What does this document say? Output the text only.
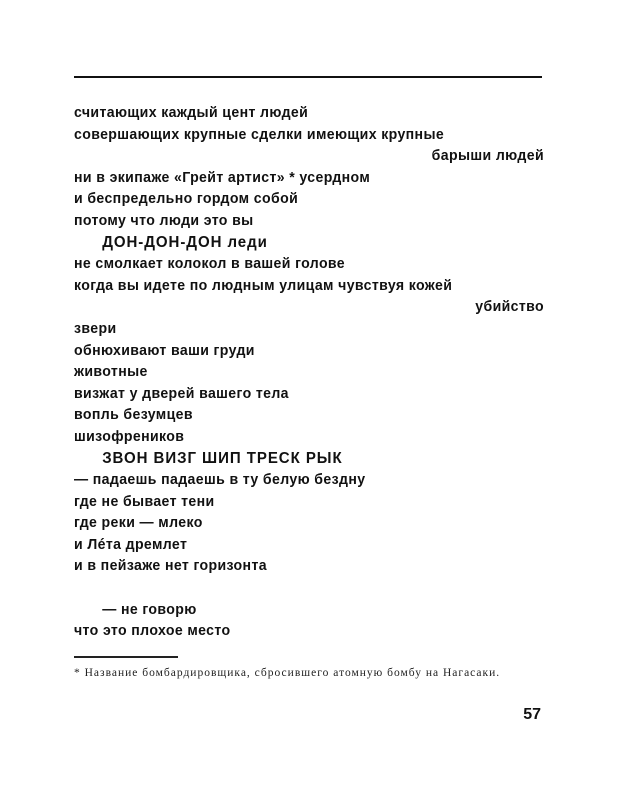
считающих каждый цент людей
совершающих крупные сделки имеющих крупные
барыши людей
ни в экипаже «Грейт артист» * усердном
и беспредельно гордом собой
потому что люди это вы
ДОН-ДОН-ДОН леди
не смолкает колокол в вашей голове
когда вы идете по людным улицам чувствуя кожей
убийство
звери
обнюхивают ваши груди
животные
визжат у дверей вашего тела
вопль безумцев
шизофреников
ЗВОН ВИЗГ ШИП ТРЕСК РЫК
— падаешь падаешь в ту белую бездну
где не бывает тени
где реки — млеко
и Лéта дремлет
и в пейзаже нет горизонта
— не говорю
что это плохое место
* Название бомбардировщика, сбросившего атомную бомбу на Нагасаки.
57
